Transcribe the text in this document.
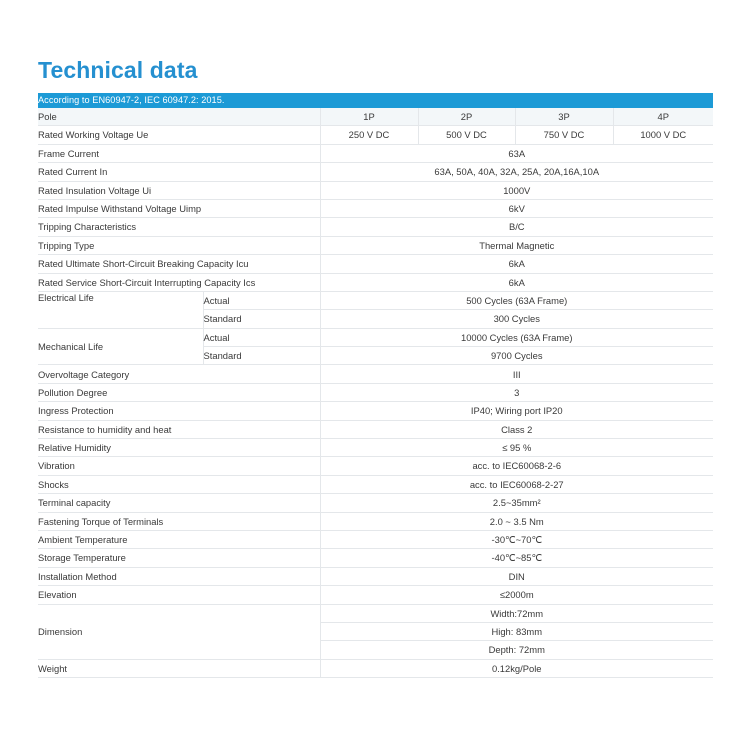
Technical data
According to EN60947-2, IEC 60947.2: 2015.					
Pole		1P	2P	3P	4P
Rated Working Voltage Ue		250 V DC	500 V DC	750 V DC	1000 V DC
Frame Current		63A			
Rated Current In		63A, 50A, 40A, 32A, 25A, 20A,16A,10A			
Rated Insulation Voltage Ui		1000V			
Rated Impulse Withstand Voltage Uimp		6kV			
Tripping Characteristics		B/C			
Tripping Type		Thermal Magnetic			
Rated Ultimate Short-Circuit Breaking Capacity Icu		6kA			
Rated Service Short-Circuit Interrupting Capacity Ics		6kA			
Electrical Life	Actual	500 Cycles (63A Frame)			
	Standard	300 Cycles			
Mechanical Life	Actual	10000 Cycles (63A Frame)			
	Standard	9700 Cycles			
Overvoltage Category		III			
Pollution Degree		3			
Ingress Protection		IP40; Wiring port IP20			
Resistance to humidity and heat		Class 2			
Relative Humidity		≤ 95 %			
Vibration		acc. to IEC60068-2-6			
Shocks		acc. to IEC60068-2-27			
Terminal capacity		2.5~35mm²			
Fastening Torque of Terminals		2.0 ~ 3.5 Nm			
Ambient Temperature		-30℃~70℃			
Storage Temperature		-40℃~85℃			
Installation Method		DIN			
Elevation		≤2000m			
Dimension		Width:72mm			
		High: 83mm			
		Depth: 72mm			
Weight		0.12kg/Pole			
